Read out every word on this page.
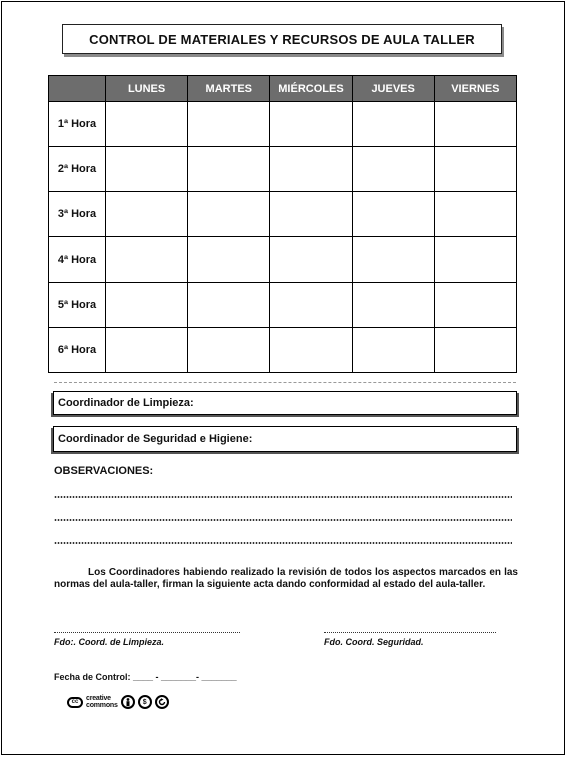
CONTROL DE MATERIALES Y RECURSOS DE AULA TALLER
	LUNES	MARTES	MIÉRCOLES	JUEVES	VIERNES
1ª Hora					
2ª Hora					
3ª Hora					
4ª Hora					
5ª Hora					
6ª Hora					
Coordinador de Limpieza:
Coordinador de Seguridad e Higiene:
OBSERVACIONES:
Los Coordinadores habiendo realizado la revisión de todos los aspectos marcados en las normas del aula-taller, firman la siguiente acta dando conformidad al estado del aula-taller.
Fdo:. Coord. de Limpieza.	Fdo. Coord. Seguridad.
Fecha de Control: ____ - _______- _______
cc	creative
commons	$
